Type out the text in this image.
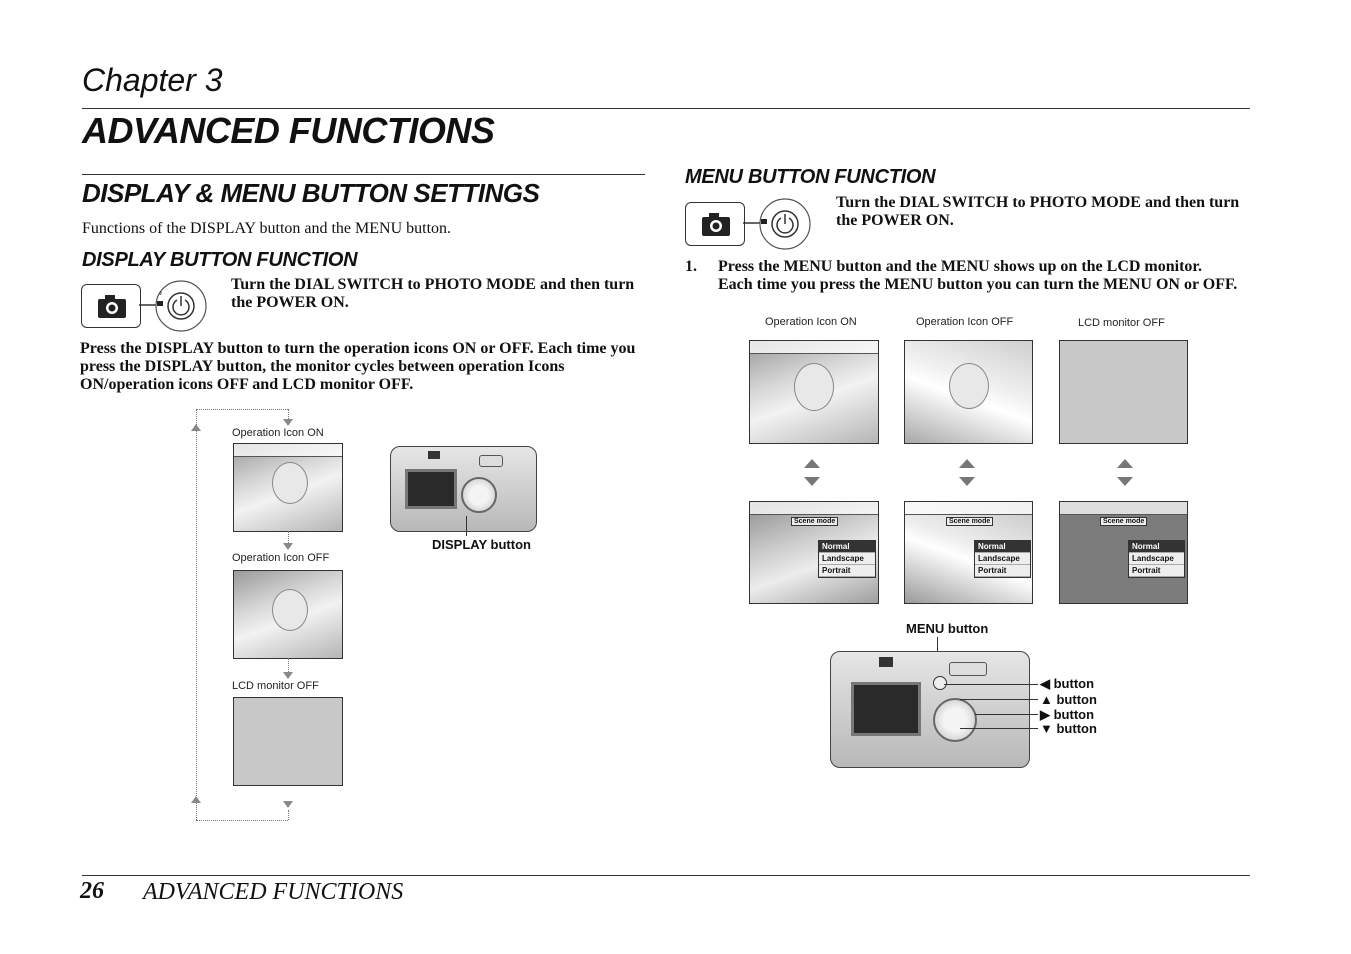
Chapter 3
ADVANCED FUNCTIONS
DISPLAY & MENU BUTTON SETTINGS
Functions of the DISPLAY button and the MENU button.
DISPLAY BUTTON FUNCTION
♪
Turn the DIAL SWITCH to PHOTO MODE and then turn the POWER ON.
Press the DISPLAY button to turn the operation icons ON or OFF. Each time you press the DISPLAY button, the monitor cycles between operation Icons ON/operation icons OFF and LCD monitor OFF.
Operation Icon ON
Operation Icon OFF
LCD monitor OFF
DISPLAY button
MENU BUTTON FUNCTION
Turn the DIAL SWITCH to PHOTO MODE and then turn the POWER ON.
1. Press the MENU button and the MENU shows up on the LCD monitor. Each time you press the MENU button you can turn the MENU ON or OFF.
Operation Icon ON	Operation Icon OFF	LCD monitor OFF
Scene mode
Normal
Landscape
Portrait
Scene mode
Normal
Landscape
Portrait
Scene mode
Normal
Landscape
Portrait
MENU button
◀ button
▲ button
▶ button
▼ button
26 ADVANCED FUNCTIONS
